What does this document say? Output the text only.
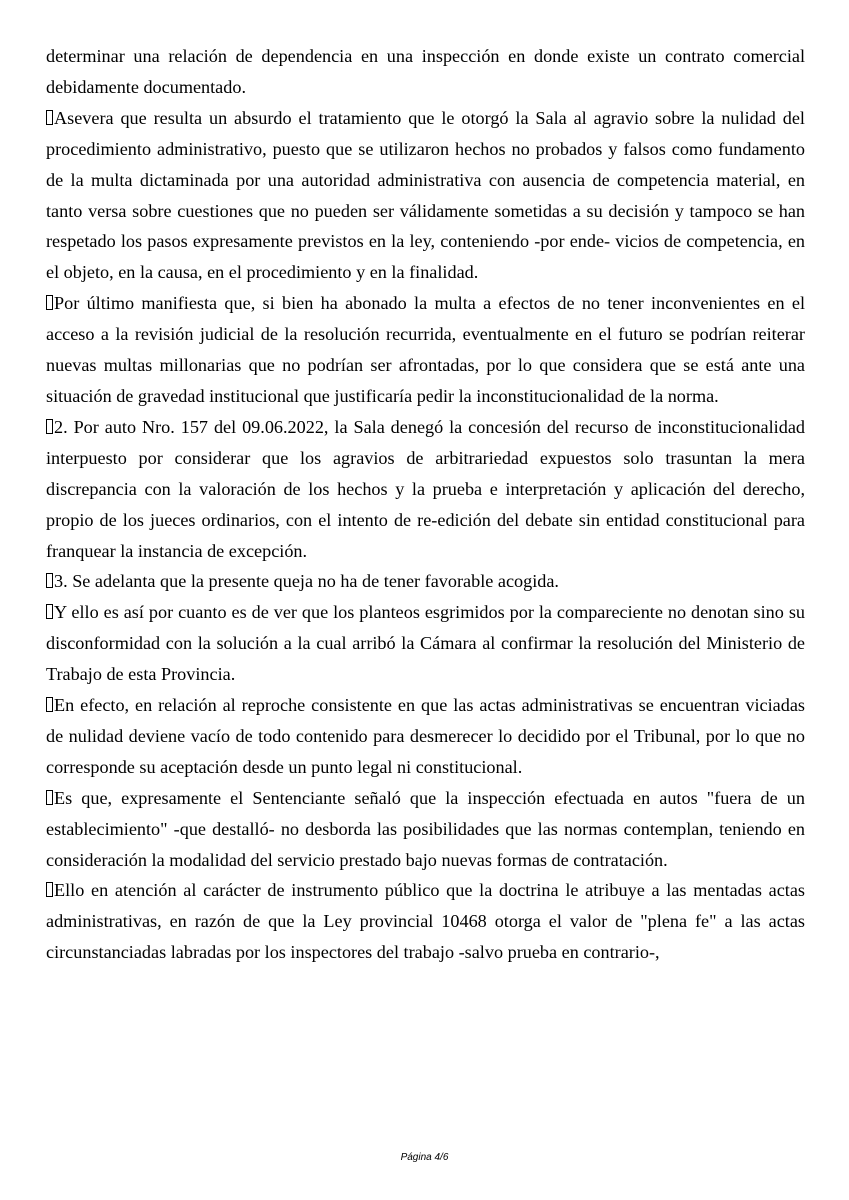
determinar una relación de dependencia en una inspección en donde existe un contrato comercial debidamente documentado.

Asevera que resulta un absurdo el tratamiento que le otorgó la Sala al agravio sobre la nulidad del procedimiento administrativo, puesto que se utilizaron hechos no probados y falsos como fundamento de la multa dictaminada por una autoridad administrativa con ausencia de competencia material, en tanto versa sobre cuestiones que no pueden ser válidamente sometidas a su decisión y tampoco se han respetado los pasos expresamente previstos en la ley, conteniendo -por ende- vicios de competencia, en el objeto, en la causa, en el procedimiento y en la finalidad.

Por último manifiesta que, si bien ha abonado la multa a efectos de no tener inconvenientes en el acceso a la revisión judicial de la resolución recurrida, eventualmente en el futuro se podrían reiterar nuevas multas millonarias que no podrían ser afrontadas, por lo que considera que se está ante una situación de gravedad institucional que justificaría pedir la inconstitucionalidad de la norma.

2. Por auto Nro. 157 del 09.06.2022, la Sala denegó la concesión del recurso de inconstitucionalidad interpuesto por considerar que los agravios de arbitrariedad expuestos solo trasuntan la mera discrepancia con la valoración de los hechos y la prueba e interpretación y aplicación del derecho, propio de los jueces ordinarios, con el intento de re-edición del debate sin entidad constitucional para franquear la instancia de excepción.

3. Se adelanta que la presente queja no ha de tener favorable acogida.

Y ello es así por cuanto es de ver que los planteos esgrimidos por la compareciente no denotan sino su disconformidad con la solución a la cual arribó la Cámara al confirmar la resolución del Ministerio de Trabajo de esta Provincia.

En efecto, en relación al reproche consistente en que las actas administrativas se encuentran viciadas de nulidad deviene vacío de todo contenido para desmerecer lo decidido por el Tribunal, por lo que no corresponde su aceptación desde un punto legal ni constitucional.

Es que, expresamente el Sentenciante señaló que la inspección efectuada en autos "fuera de un establecimiento" -que destalló- no desborda las posibilidades que las normas contemplan, teniendo en consideración la modalidad del servicio prestado bajo nuevas formas de contratación.

Ello en atención al carácter de instrumento público que la doctrina le atribuye a las mentadas actas administrativas, en razón de que la Ley provincial 10468 otorga el valor de "plena fe" a las actas circunstanciadas labradas por los inspectores del trabajo -salvo prueba en contrario-,

Página 4/6
